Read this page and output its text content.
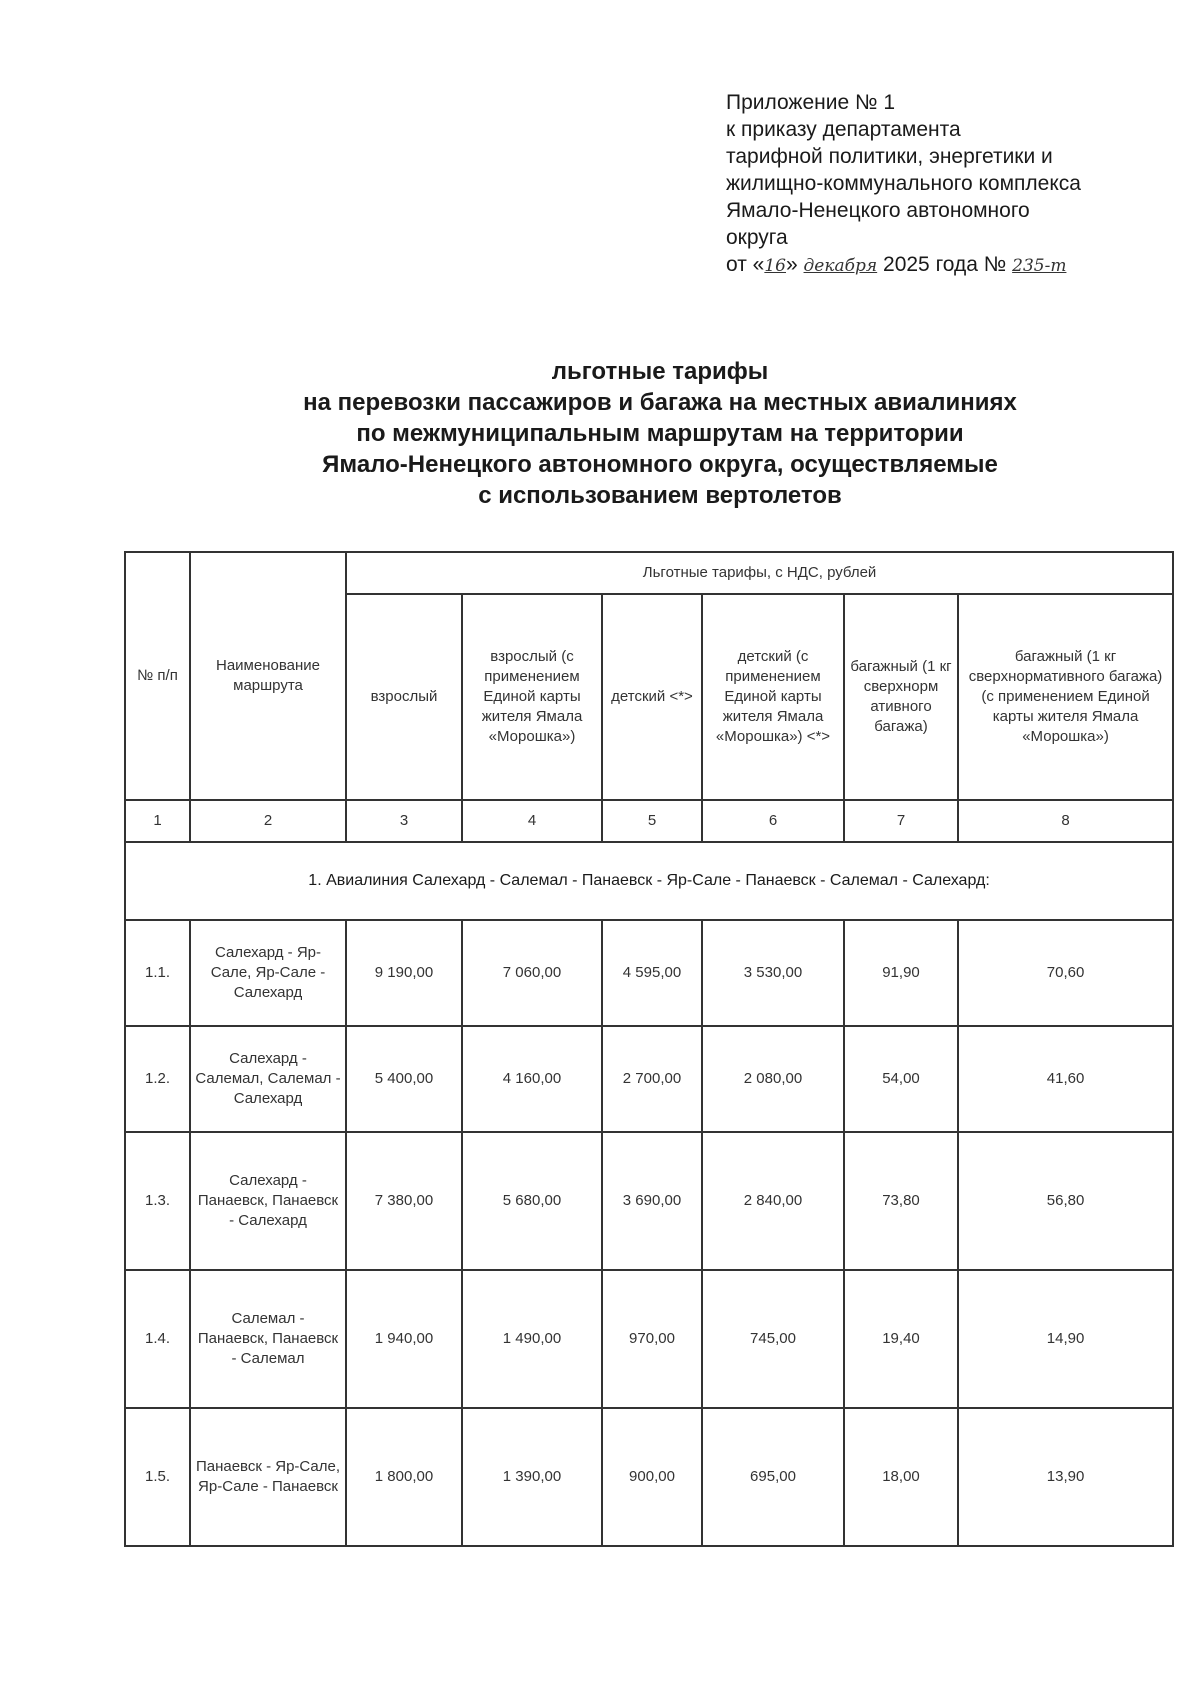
Приложение № 1
к приказу департамента
тарифной политики, энергетики и
жилищно-коммунального комплекса
Ямало-Ненецкого автономного
округа
от «16» декабря 2025 года № 235-т
льготные тарифы
на перевозки пассажиров и багажа на местных авиалиниях
по межмуниципальным маршрутам на территории
Ямало-Ненецкого автономного округа, осуществляемые
с использованием вертолетов
№ п/п	Наименование маршрута	Льготные тарифы, с НДС, рублей					
		взрослый	взрослый (с применением Единой карты жителя Ямала «Морошка»)	детский <*>	детский (с применением Единой карты жителя Ямала «Морошка») <*>	багажный (1 кг сверхнорм ативного багажа)	багажный (1 кг сверхнормативного багажа) (с применением Единой карты жителя Ямала «Морошка»)
1	2	3	4	5	6	7	8
1. Авиалиния Салехард - Салемал - Панаевск - Яр-Сале - Панаевск - Салемал - Салехард:							
1.1.	Салехард - Яр-Сале, Яр-Сале - Салехард	9 190,00	7 060,00	4 595,00	3 530,00	91,90	70,60
1.2.	Салехард - Салемал, Салемал - Салехард	5 400,00	4 160,00	2 700,00	2 080,00	54,00	41,60
1.3.	Салехард - Панаевск, Панаевск - Салехард	7 380,00	5 680,00	3 690,00	2 840,00	73,80	56,80
1.4.	Салемал - Панаевск, Панаевск - Салемал	1 940,00	1 490,00	970,00	745,00	19,40	14,90
1.5.	Панаевск - Яр-Сале, Яр-Сале - Панаевск	1 800,00	1 390,00	900,00	695,00	18,00	13,90
